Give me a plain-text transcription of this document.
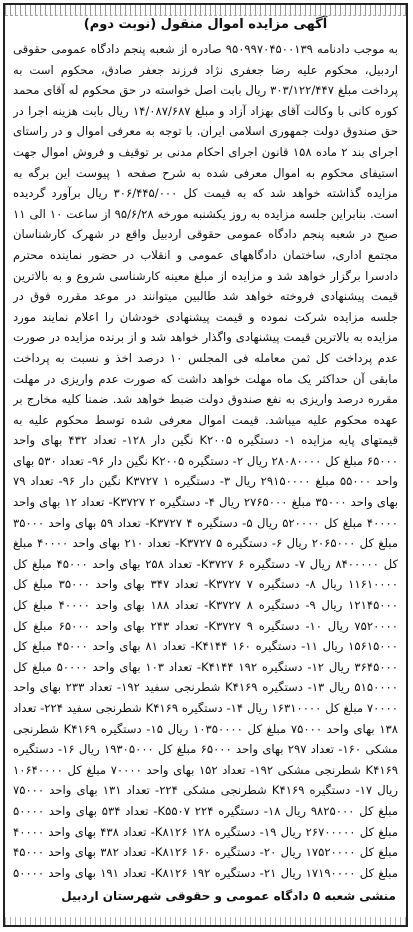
آگهی مزایده اموال منقول (نوبت دوم)

به موجب دادنامه ۹۵۰۹۹۷۰۴۵۰۰۱۳۹ صادره از شعبه پنجم دادگاه عمومی حقوقی اردبیل، محکوم علیه رضا جعفری نژاد فرزند جعفر صادق، محکوم است به پرداخت مبلغ ۳۰۳/۱۲۲/۴۴۷ ریال بابت اصل خواسته در حق محکوم له آقای محمد کوره کانی با وکالت آقای بهزاد آزاد و مبلغ ۱۴/۰۸۷/۶۸۷ ریال بابت هزینه اجرا در حق صندوق دولت جمهوری اسلامی ایران. با توجه به معرفی اموال و در راستای اجرای بند ۲ ماده ۱۵۸ قانون اجرای احکام مدنی بر توقیف و فروش اموال جهت استیفای محکوم به اموال معرفی شده به شرح صفحه ۱ پیوست این برگه به مزایده گذاشته خواهد شد که به قیمت کل ۳۰۶/۴۴۵/۰۰۰ ریال برآورد گردیده است. بنابراین جلسه مزایده به روز یکشنبه مورخه ۹۵/۶/۲۸ از ساعت ۱۰ الی ۱۱ صبح در شعبه پنجم دادگاه عمومی حقوقی اردبیل واقع در شهرک کارشناسان مجتمع اداری، ساختمان دادگاههای عمومی و انقلاب در حضور نماینده محترم دادسرا برگزار خواهد شد و مزایده از مبلغ معینه کارشناسی شروع و به بالاترین قیمت پیشنهادی فروخته خواهد شد طالبین میتوانند در موعد مقرره فوق در جلسه مزایده شرکت نموده و قیمت پیشنهادی خودشان را اعلام نمایند مورد مزایده به بالاترین قیمت پیشنهادی واگذار خواهد شد و از برنده مزایده در صورت عدم پرداخت کل ثمن معامله فی المجلس ۱۰ درصد اخذ و نسبت به پرداخت مابقی آن حداکثر یک ماه مهلت خواهد داشت که صورت عدم واریزی در مهلت مقرره درصد واریزی به نفع صندوق دولت ضبط خواهد شد. ضمنا کلیه مخارج بر عهده محکوم علیه میباشد. قیمت اموال معرفی شده توسط محکوم علیه به قیمتهای پایه مزایده ۱- دستگیره K۲۰۰۵ نگین دار ۱۲۸- تعداد ۴۳۲ بهای واحد ۶۵۰۰۰ مبلغ کل ۲۸۰۸۰۰۰۰ ریال ۲- دستگیره K۲۰۰۵ نگین دار ۹۶- تعداد ۵۳۰ بهای واحد ۵۵۰۰۰ مبلغ ۲۹۱۵۰۰۰۰ ریال ۳- دستگیره K۳۷۲۷ ۱ نگین دار ۹۶- تعداد ۷۹ بهای واحد ۳۵۰۰۰ مبلغ ۲۷۶۵۰۰۰ ریال ۴- دستگیره K۳۷۲۷ ۲- تعداد ۱۲ بهای واحد ۴۰۰۰۰ مبلغ کل ۵۲۰۰۰۰ ریال ۵- دستگیره K۳۷۲۷ ۴- تعداد ۵۹ بهای واحد ۳۵۰۰۰ مبلغ کل ۲۰۶۵۰۰۰ ریال ۶- دستگیره K۳۷۲۷ ۵- تعداد ۲۱۰ بهای واحد ۴۰۰۰۰ مبلغ کل ۸۴۰۰۰۰۰ ریال ۷- دستگیره K۳۷۲۷ ۶- تعداد ۲۵۸ بهای واحد ۴۵۰۰۰ مبلغ کل ۱۱۶۱۰۰۰۰ ریال ۸- دستگیره K۳۷۲۷ ۷- تعداد ۳۴۷ بهای واحد ۳۵۰۰۰ مبلغ کل ۱۲۱۴۵۰۰۰ ریال ۹- دستگیره K۳۷۲۷ ۸- تعداد ۱۸۸ بهای واحد ۴۰۰۰۰ مبلغ کل ۷۵۲۰۰۰۰ ریال ۱۰- دستگیره K۳۷۲۷ ۹- تعداد ۲۴۳ بهای واحد ۶۵۰۰۰ مبلغ کل ۱۵۶۱۵۰۰۰ ریال ۱۱- دستگیره K۴۱۴۴ ۱۶۰- تعداد ۸۱ بهای واحد ۴۵۰۰۰ مبلغ کل ۳۶۴۵۰۰۰ ریال ۱۲- دستگیره K۴۱۴۴ ۱۹۲- تعداد ۱۰۳ بهای واحد ۵۰۰۰۰ مبلغ کل ۵۱۵۰۰۰۰ ریال ۱۳- دستگیره K۴۱۶۹ شطرنجی سفید ۱۹۲- تعداد ۲۳۳ بهای واحد ۷۰۰۰۰ مبلغ کل ۱۶۳۱۰۰۰۰ ریال ۱۴- دستگیره K۴۱۶۹ شطرنجی سفید ۲۲۴- تعداد ۱۳۸ بهای واحد ۷۵۰۰۰ مبلغ کل ۱۰۳۵۰۰۰۰ ریال ۱۵- دستگیره K۴۱۶۹ شطرنجی مشکی ۱۶۰- تعداد ۲۹۷ بهای واحد ۶۵۰۰۰ مبلغ کل ۱۹۳۰۵۰۰۰ ریال ۱۶- دستگیره K۴۱۶۹ شطرنجی مشکی ۱۹۲- تعداد ۱۵۲ بهای واحد ۷۰۰۰۰ مبلغ کل ۱۰۶۴۰۰۰۰ ریال ۱۷- دستگیره K۴۱۶۹ شطرنجی مشکی ۲۲۴- تعداد ۱۳۱ بهای واحد ۷۵۰۰۰ مبلغ کل ۹۸۲۵۰۰۰ ریال ۱۸- دستگیره K۵۵۰۷ ۲۲۴- تعداد ۵۳۴ بهای واحد ۵۰۰۰۰ مبلغ کل ۲۶۷۰۰۰۰۰ ریال ۱۹- دستگیره K۸۱۲۶ ۱۲۸- تعداد ۴۳۸ بهای واحد ۴۰۰۰۰ مبلغ کل ۱۷۵۲۰۰۰۰ ریال ۲۰- دستگیره K۸۱۲۶ ۱۶۰- تعداد ۳۸۲ بهای واحد ۴۵۰۰۰ مبلغ کل ۱۷۱۹۰۰۰۰ ریال ۲۱- دستگیره K۸۱۲۶ ۱۹۲- تعداد ۱۹۱ بهای واحد ۵۰۰۰۰

منشی شعبه ۵ دادگاه عمومی و حقوقی شهرستان اردبیل
